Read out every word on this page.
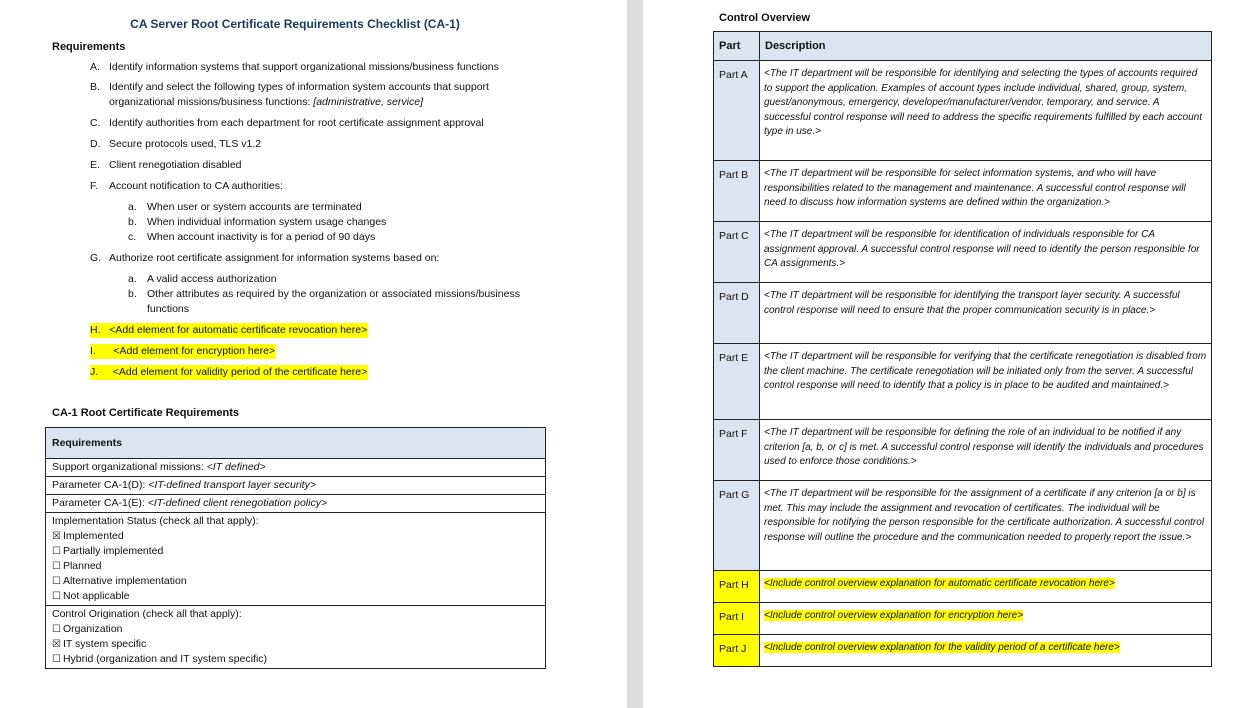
CA Server Root Certificate Requirements Checklist (CA-1)
Requirements
A. Identify information systems that support organizational missions/business functions
B. Identify and select the following types of information system accounts that support organizational missions/business functions: [administrative, service]
C. Identify authorities from each department for root certificate assignment approval
D. Secure protocols used, TLS v1.2
E. Client renegotiation disabled
F. Account notification to CA authorities:
a. When user or system accounts are terminated
b. When individual information system usage changes
c. When account inactivity is for a period of 90 days
G. Authorize root certificate assignment for information systems based on:
a. A valid access authorization
b. Other attributes as required by the organization or associated missions/business functions
H. <Add element for automatic certificate revocation here>
I. <Add element for encryption here>
J. <Add element for validity period of the certificate here>
CA-1 Root Certificate Requirements
Requirements
Support organizational missions: <IT defined>
Parameter CA-1(D): <IT-defined transport layer security>
Parameter CA-1(E): <IT-defined client renegotiation policy>

Implementation Status (check all that apply):
☒ Implemented
☐ Partially implemented
☐ Planned
☐ Alternative implementation
☐ Not applicable

Control Origination (check all that apply):
☐ Organization
☒ IT system specific
☐ Hybrid (organization and IT system specific)
Control Overview
Part	Description
Part A	<The IT department will be responsible for identifying and selecting the types of accounts required to support the application. Examples of account types include individual, shared, group, system, guest/anonymous, emergency, developer/manufacturer/vendor, temporary, and service. A successful control response will need to address the specific requirements fulfilled by each account type in use.>
Part B	<The IT department will be responsible for select information systems, and who will have responsibilities related to the management and maintenance. A successful control response will need to discuss how information systems are defined within the organization.>
Part C	<The IT department will be responsible for identification of individuals responsible for CA assignment approval. A successful control response will need to identify the person responsible for CA assignments.>
Part D	<The IT department will be responsible for identifying the transport layer security. A successful control response will need to ensure that the proper communication security is in place.>
Part E	<The IT department will be responsible for verifying that the certificate renegotiation is disabled from the client machine. The certificate renegotiation will be initiated only from the server. A successful control response will need to identify that a policy is in place to be audited and maintained.>
Part F	<The IT department will be responsible for defining the role of an individual to be notified if any criterion [a, b, or c] is met. A successful control response will identify the individuals and procedures used to enforce those conditions.>
Part G	<The IT department will be responsible for the assignment of a certificate if any criterion [a or b] is met. This may include the assignment and revocation of certificates. The individual will be responsible for notifying the person responsible for the certificate authorization. A successful control response will outline the procedure and the communication needed to properly report the issue.>
Part H	<Include control overview explanation for automatic certificate revocation here>
Part I	<Include control overview explanation for encryption here>
Part J	<Include control overview explanation for the validity period of a certificate here>
